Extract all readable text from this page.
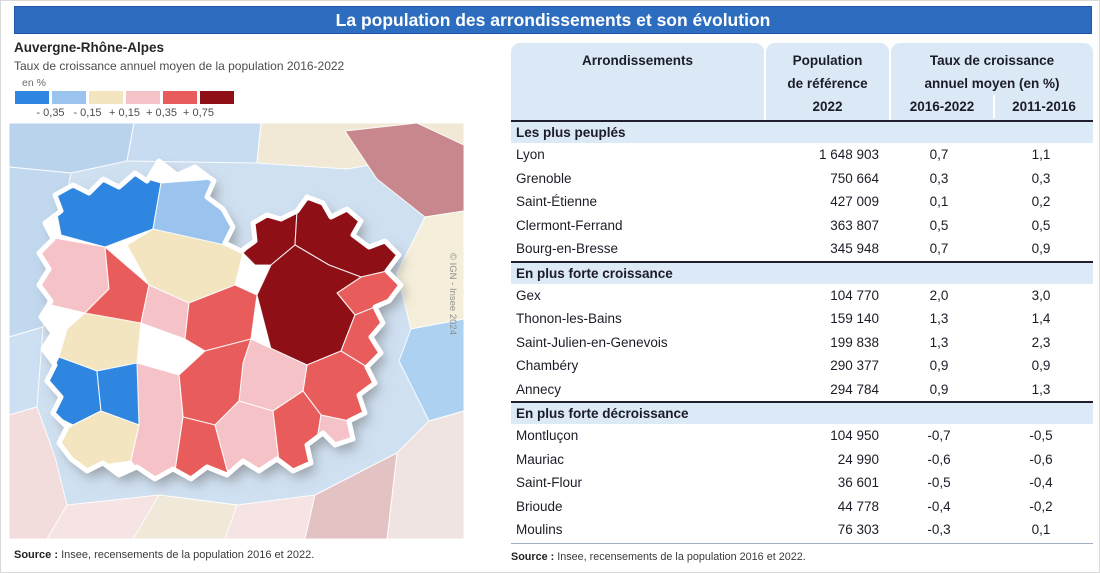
La population des arrondissements et son évolution
Auvergne-Rhône-Alpes
Taux de croissance annuel moyen de la population 2016-2022
en %
- 0,35 - 0,15 + 0,15 + 0,35 + 0,75
© IGN - Insee 2024
Source : Insee, recensements de la population 2016 et 2022.
Arrondissements	Population
de référence
2022
Taux de croissance
annuel moyen (en %)
2016-2022	2011-2016
Les plus peuplés
Lyon	1 648 903	0,7	1,1
Grenoble	750 664	0,3	0,3
Saint-Étienne	427 009	0,1	0,2
Clermont-Ferrand	363 807	0,5	0,5
Bourg-en-Bresse	345 948	0,7	0,9
En plus forte croissance
Gex	104 770	2,0	3,0
Thonon-les-Bains	159 140	1,3	1,4
Saint-Julien-en-Genevois	199 838	1,3	2,3
Chambéry	290 377	0,9	0,9
Annecy	294 784	0,9	1,3
En plus forte décroissance
Montluçon	104 950	-0,7	-0,5
Mauriac	24 990	-0,6	-0,6
Saint-Flour	36 601	-0,5	-0,4
Brioude	44 778	-0,4	-0,2
Moulins	76 303	-0,3	0,1
Source : Insee, recensements de la population 2016 et 2022.
